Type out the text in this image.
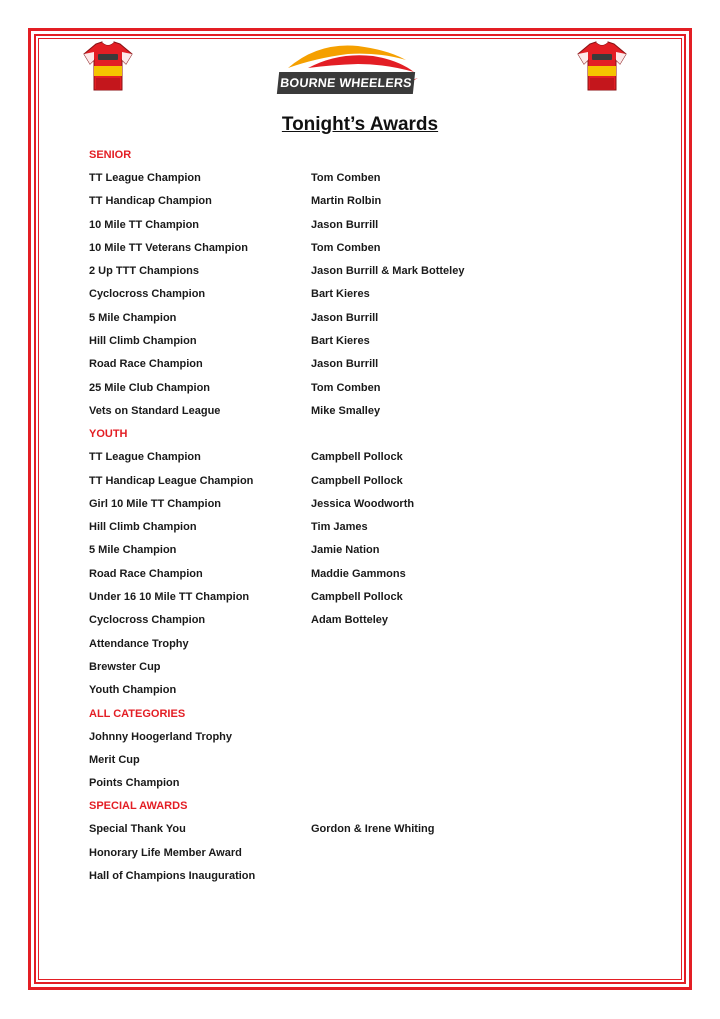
BOURNE WHEELERS CC
Tonight’s Awards
SENIOR
TT League Champion	Tom Comben
TT Handicap Champion	Martin Rolbin
10 Mile TT Champion	Jason Burrill
10 Mile TT Veterans Champion	Tom Comben
2 Up TTT Champions	Jason Burrill & Mark Botteley
Cyclocross Champion	Bart Kieres
5 Mile Champion	Jason Burrill
Hill Climb Champion	Bart Kieres
Road Race Champion	Jason Burrill
25 Mile Club Champion	Tom Comben
Vets on Standard League	Mike Smalley
YOUTH
TT League Champion	Campbell Pollock
TT Handicap League Champion	Campbell Pollock
Girl 10 Mile TT Champion	Jessica Woodworth
Hill Climb Champion	Tim James
5 Mile Champion	Jamie Nation
Road Race Champion	Maddie Gammons
Under 16 10 Mile TT Champion	Campbell Pollock
Cyclocross Champion	Adam Botteley
Attendance Trophy
Brewster Cup
Youth Champion
ALL CATEGORIES
Johnny Hoogerland Trophy
Merit Cup
Points Champion
SPECIAL AWARDS
Special Thank You	Gordon & Irene Whiting
Honorary Life Member Award
Hall of Champions Inauguration
